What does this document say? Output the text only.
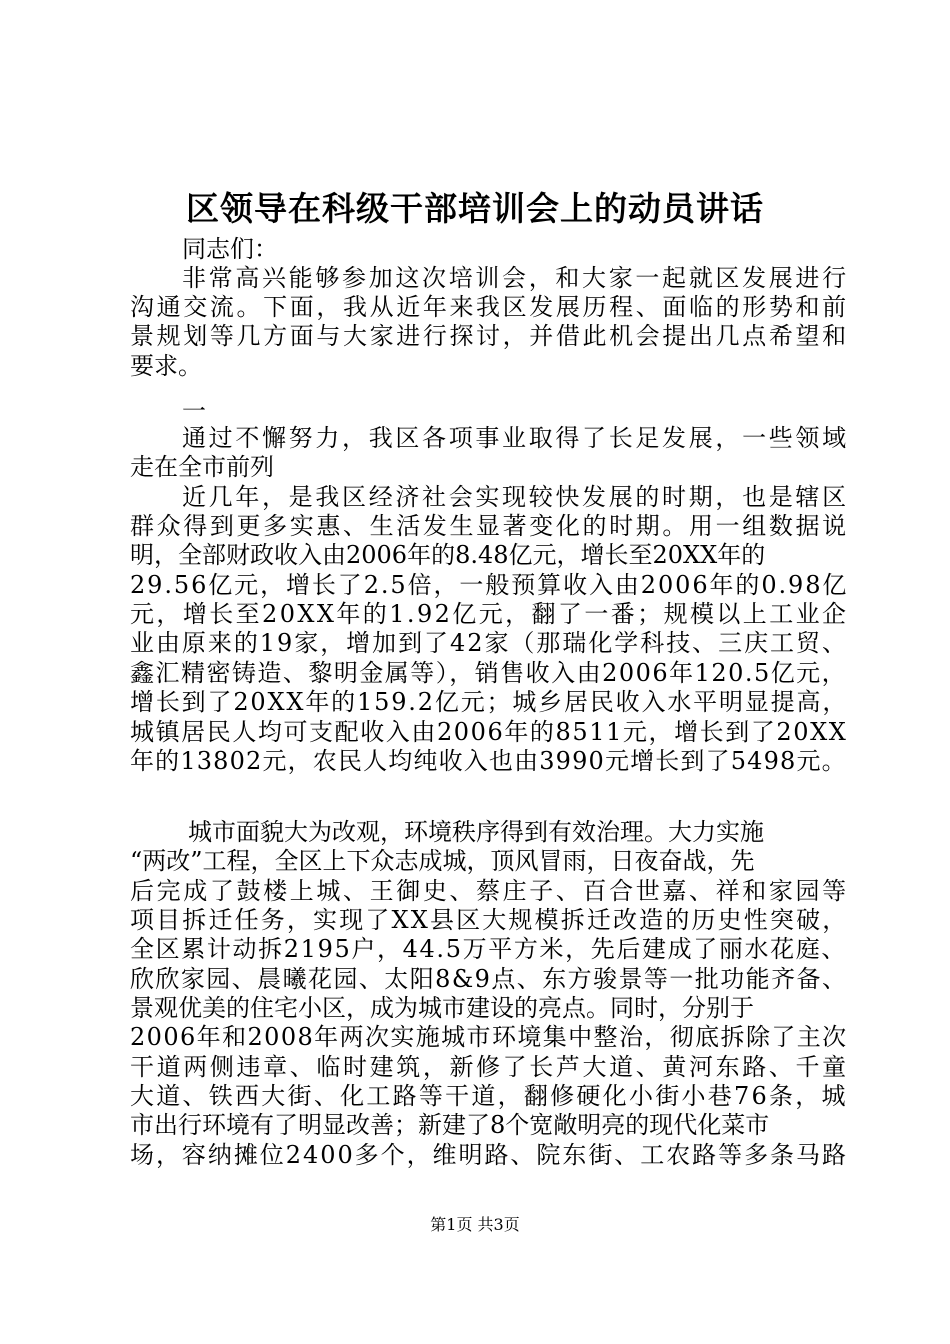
区领导在科级干部培训会上的动员讲话
同志们：
非常高兴能够参加这次培训会，和大家一起就区发展进行
沟通交流。下面，我从近年来我区发展历程、面临的形势和前
景规划等几方面与大家进行探讨，并借此机会提出几点希望和
要求。
一
通过不懈努力，我区各项事业取得了长足发展，一些领域
走在全市前列
近几年，是我区经济社会实现较快发展的时期，也是辖区
群众得到更多实惠、生活发生显著变化的时期。用一组数据说
明，全部财政收入由2006年的8.48亿元，增长至20XX年的
29.56亿元，增长了2.5倍，一般预算收入由2006年的0.98亿
元，增长至20XX年的1.92亿元，翻了一番；规模以上工业企
业由原来的19家，增加到了42家（那瑞化学科技、三庆工贸、
鑫汇精密铸造、黎明金属等），销售收入由2006年120.5亿元，
增长到了20XX年的159.2亿元；城乡居民收入水平明显提高，
城镇居民人均可支配收入由2006年的8511元，增长到了20XX
年的13802元，农民人均纯收入也由3990元增长到了5498元。
城市面貌大为改观，环境秩序得到有效治理。大力实施
“两改”工程，全区上下众志成城，顶风冒雨，日夜奋战，先
后完成了鼓楼上城、王御史、蔡庄子、百合世嘉、祥和家园等
项目拆迁任务，实现了XX县区大规模拆迁改造的历史性突破，
全区累计动拆2195户，44.5万平方米，先后建成了丽水花庭、
欣欣家园、晨曦花园、太阳8&9点、东方骏景等一批功能齐备、
景观优美的住宅小区，成为城市建设的亮点。同时，分别于
2006年和2008年两次实施城市环境集中整治，彻底拆除了主次
干道两侧违章、临时建筑，新修了长芦大道、黄河东路、千童
大道、铁西大街、化工路等干道，翻修硬化小街小巷76条，城
市出行环境有了明显改善；新建了8个宽敞明亮的现代化菜市
场，容纳摊位2400多个，维明路、院东街、工农路等多条马路
第1页 共3页
